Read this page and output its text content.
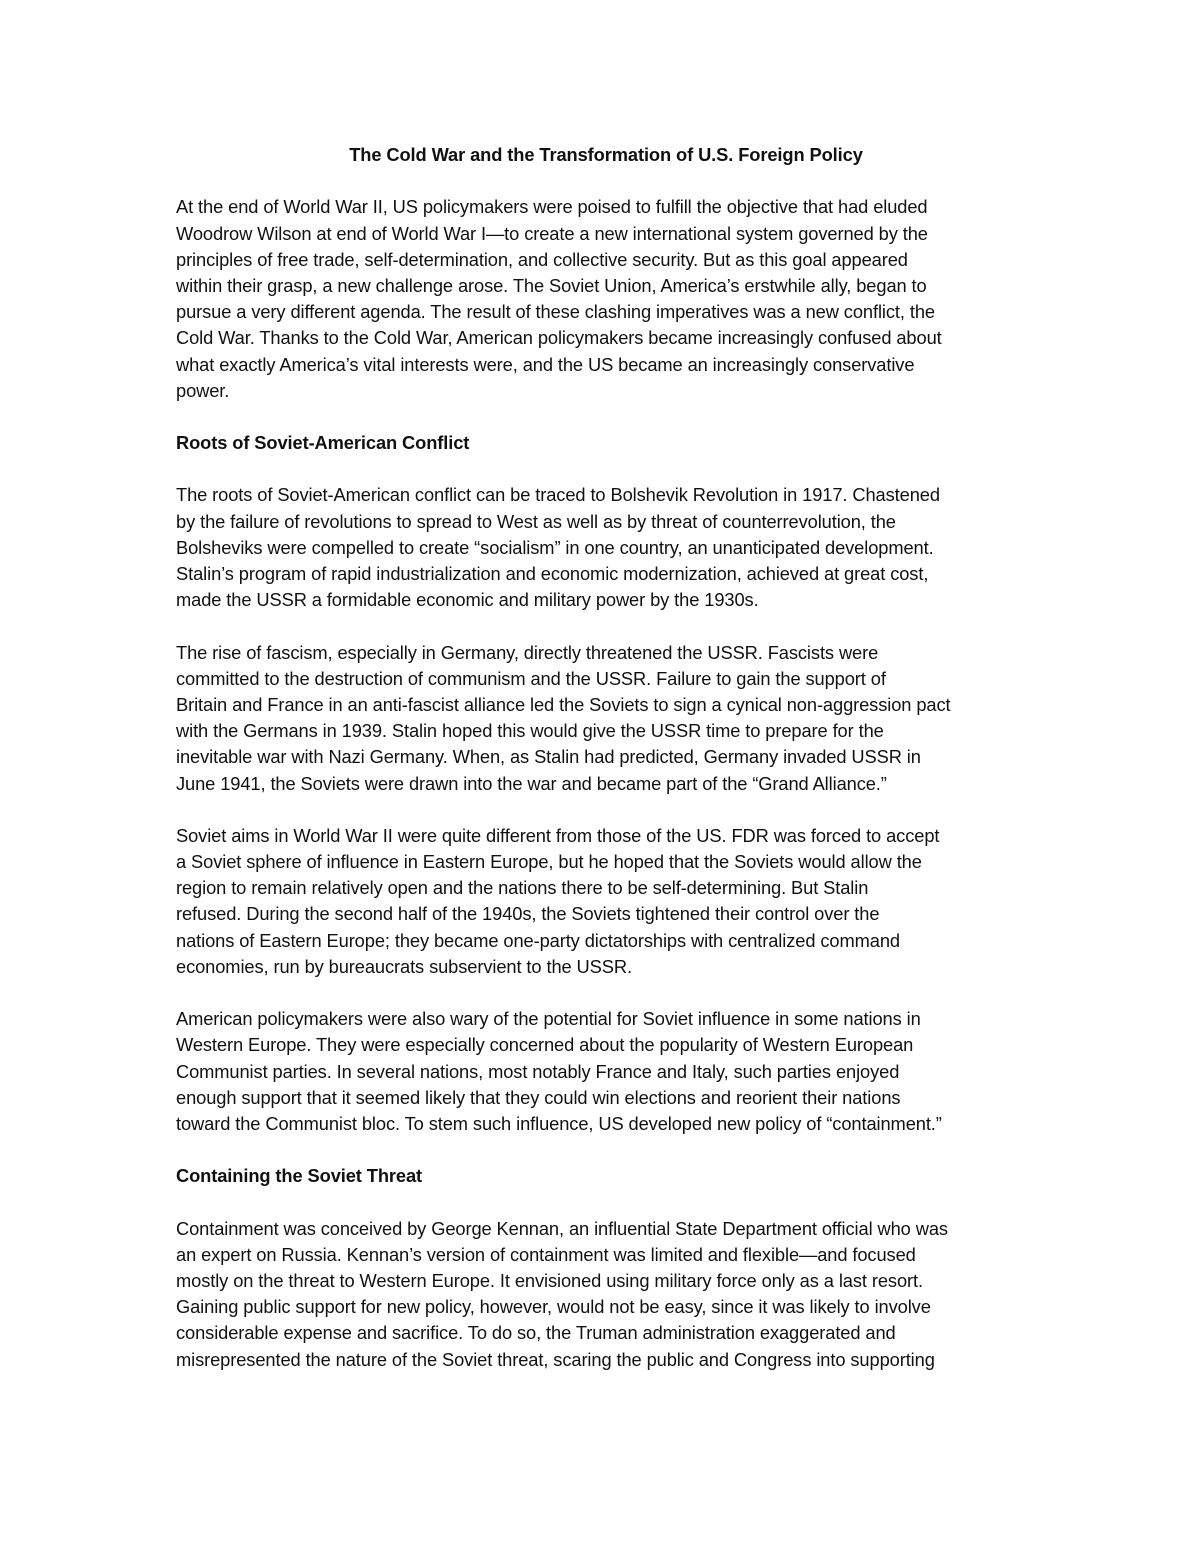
The Cold War and the Transformation of U.S. Foreign Policy
At the end of World War II, US policymakers were poised to fulfill the objective that had eluded
Woodrow Wilson at end of World War I—to create a new international system governed by the
principles of free trade, self-determination, and collective security. But as this goal appeared
within their grasp, a new challenge arose. The Soviet Union, America’s erstwhile ally, began to
pursue a very different agenda. The result of these clashing imperatives was a new conflict, the
Cold War. Thanks to the Cold War, American policymakers became increasingly confused about
what exactly America’s vital interests were, and the US became an increasingly conservative
power.
Roots of Soviet-American Conflict
The roots of Soviet-American conflict can be traced to Bolshevik Revolution in 1917. Chastened
by the failure of revolutions to spread to West as well as by threat of counterrevolution, the
Bolsheviks were compelled to create “socialism” in one country, an unanticipated development.
Stalin’s program of rapid industrialization and economic modernization, achieved at great cost,
made the USSR a formidable economic and military power by the 1930s.
The rise of fascism, especially in Germany, directly threatened the USSR. Fascists were
committed to the destruction of communism and the USSR. Failure to gain the support of
Britain and France in an anti-fascist alliance led the Soviets to sign a cynical non-aggression pact
with the Germans in 1939. Stalin hoped this would give the USSR time to prepare for the
inevitable war with Nazi Germany. When, as Stalin had predicted, Germany invaded USSR in
June 1941, the Soviets were drawn into the war and became part of the “Grand Alliance.”
Soviet aims in World War II were quite different from those of the US. FDR was forced to accept
a Soviet sphere of influence in Eastern Europe, but he hoped that the Soviets would allow the
region to remain relatively open and the nations there to be self-determining. But Stalin
refused. During the second half of the 1940s, the Soviets tightened their control over the
nations of Eastern Europe; they became one-party dictatorships with centralized command
economies, run by bureaucrats subservient to the USSR.
American policymakers were also wary of the potential for Soviet influence in some nations in
Western Europe. They were especially concerned about the popularity of Western European
Communist parties. In several nations, most notably France and Italy, such parties enjoyed
enough support that it seemed likely that they could win elections and reorient their nations
toward the Communist bloc. To stem such influence, US developed new policy of “containment.”
Containing the Soviet Threat
Containment was conceived by George Kennan, an influential State Department official who was
an expert on Russia. Kennan’s version of containment was limited and flexible—and focused
mostly on the threat to Western Europe. It envisioned using military force only as a last resort.
Gaining public support for new policy, however, would not be easy, since it was likely to involve
considerable expense and sacrifice. To do so, the Truman administration exaggerated and
misrepresented the nature of the Soviet threat, scaring the public and Congress into supporting
